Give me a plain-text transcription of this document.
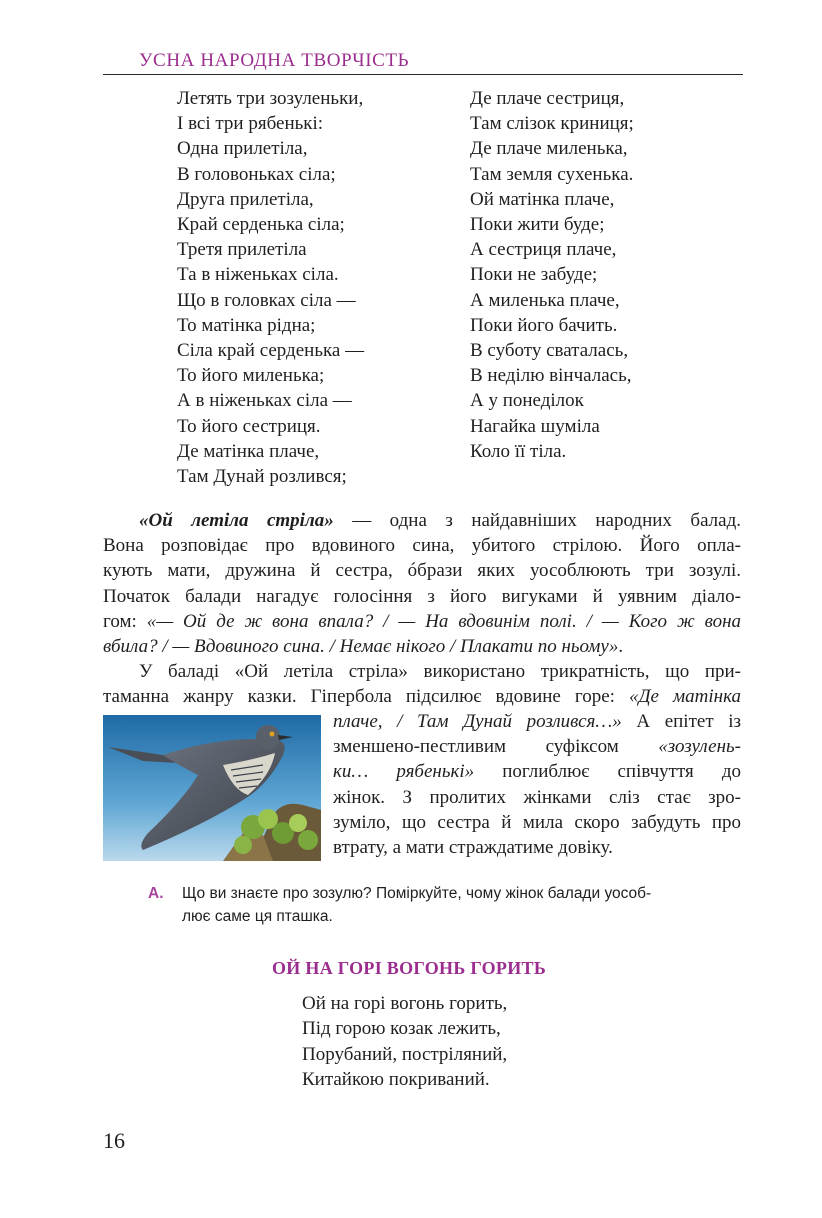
УСНА НАРОДНА ТВОРЧІСТЬ
Летять три зозуленьки,
І всі три рябенькі:
Одна прилетіла,
В головоньках сіла;
Друга прилетіла,
Край серденька сіла;
Третя прилетіла
Та в ніженьках сіла.
Що в головках сіла —
То матінка рідна;
Сіла край серденька —
То його миленька;
А в ніженьках сіла —
То його сестриця.
Де матінка плаче,
Там Дунай розлився;
Де плаче сестриця,
Там слізок криниця;
Де плаче миленька,
Там земля сухенька.
Ой матінка плаче,
Поки жити буде;
А сестриця плаче,
Поки не забуде;
А миленька плаче,
Поки його бачить.
В суботу сваталась,
В неділю вінчалась,
А у понеділок
Нагайка шуміла
Коло її тіла.
«Ой летіла стріла» — одна з найдавніших народних балад.
Вона розповідає про вдовиного сина, убитого стрілою. Його опла-
кують мати, дружина й сестра, óбрази яких уособлюють три зозулі.
Початок балади нагадує голосіння з його вигуками й уявним діало-
гом: «— Ой де ж вона впала? / — На вдовинім полі. / — Кого ж вона
вбила? / — Вдовиного сина. / Немає нікого / Плакати по ньому».
У баладі «Ой летіла стріла» використано трикратність, що при-
таманна жанру казки. Гіпербола підсилює вдовине горе: «Де матінка
плаче, / Там Дунай розлився…» А епітет із
зменшено-пестливим суфіксом «зозулень-
ки… рябенькі» поглиблює співчуття до
жінок. З пролитих жінками сліз стає зро-
зуміло, що сестра й мила скоро забудуть про
втрату, а мати страждатиме довіку.
А. Що ви знаєте про зозулю? Поміркуйте, чому жінок балади уособ-
лює саме ця пташка.
ОЙ НА ГОРІ ВОГОНЬ ГОРИТЬ
Ой на горі вогонь горить,
Під горою козак лежить,
Порубаний, постріляний,
Китайкою покриваний.
16
